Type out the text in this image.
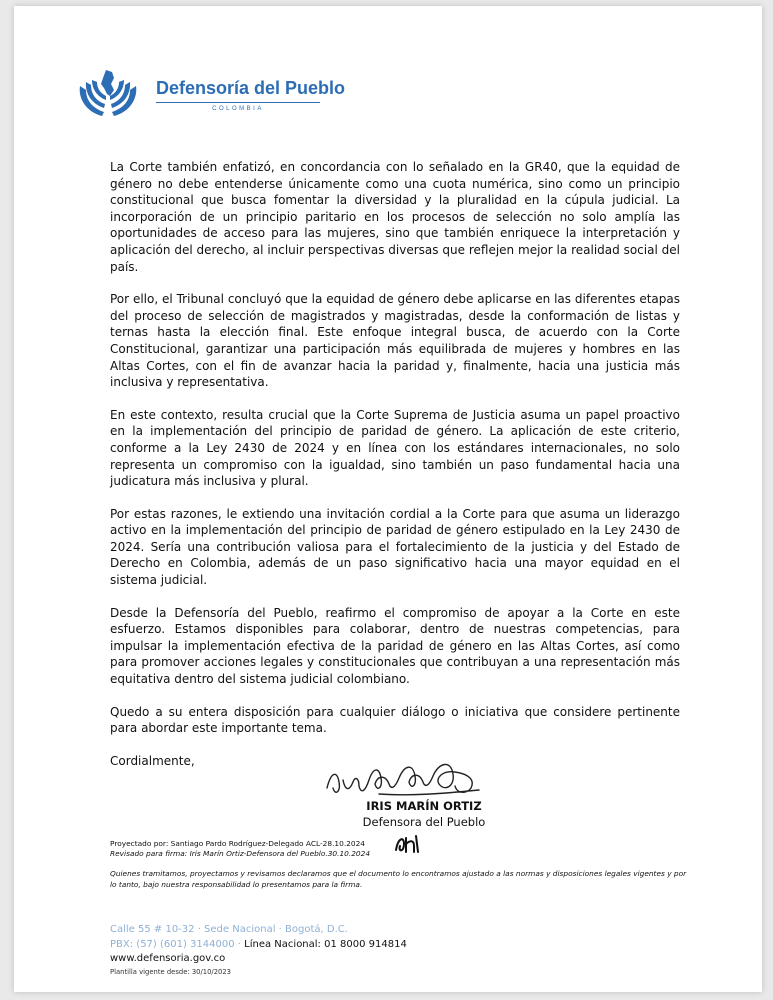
Defensoría del Pueblo
COLOMBIA

La Corte también enfatizó, en concordancia con lo señalado en la GR40, que la equidad de género no debe entenderse únicamente como una cuota numérica, sino como un principio constitucional que busca fomentar la diversidad y la pluralidad en la cúpula judicial. La incorporación de un principio paritario en los procesos de selección no solo amplía las oportunidades de acceso para las mujeres, sino que también enriquece la interpretación y aplicación del derecho, al incluir perspectivas diversas que reflejen mejor la realidad social del país.

Por ello, el Tribunal concluyó que la equidad de género debe aplicarse en las diferentes etapas del proceso de selección de magistrados y magistradas, desde la conformación de listas y ternas hasta la elección final. Este enfoque integral busca, de acuerdo con la Corte Constitucional, garantizar una participación más equilibrada de mujeres y hombres en las Altas Cortes, con el fin de avanzar hacia la paridad y, finalmente, hacia una justicia más inclusiva y representativa.

En este contexto, resulta crucial que la Corte Suprema de Justicia asuma un papel proactivo en la implementación del principio de paridad de género. La aplicación de este criterio, conforme a la Ley 2430 de 2024 y en línea con los estándares internacionales, no solo representa un compromiso con la igualdad, sino también un paso fundamental hacia una judicatura más inclusiva y plural.

Por estas razones, le extiendo una invitación cordial a la Corte para que asuma un liderazgo activo en la implementación del principio de paridad de género estipulado en la Ley 2430 de 2024. Sería una contribución valiosa para el fortalecimiento de la justicia y del Estado de Derecho en Colombia, además de un paso significativo hacia una mayor equidad en el sistema judicial.

Desde la Defensoría del Pueblo, reafirmo el compromiso de apoyar a la Corte en este esfuerzo. Estamos disponibles para colaborar, dentro de nuestras competencias, para impulsar la implementación efectiva de la paridad de género en las Altas Cortes, así como para promover acciones legales y constitucionales que contribuyan a una representación más equitativa dentro del sistema judicial colombiano.

Quedo a su entera disposición para cualquier diálogo o iniciativa que considere pertinente para abordar este importante tema.

Cordialmente,

IRIS MARÍN ORTIZ
Defensora del Pueblo
Proyectado por: Santiago Pardo Rodríguez-Delegado ACL-28.10.2024
Revisado para firma: Iris Marín Ortiz-Defensora del Pueblo.30.10.2024
Quienes tramitamos, proyectamos y revisamos declaramos que el documento lo encontramos ajustado a las normas y disposiciones legales vigentes y por lo tanto, bajo nuestra responsabilidad lo presentamos para la firma.
Calle 55 # 10-32 · Sede Nacional · Bogotá, D.C.
PBX: (57) (601) 3144000 · Línea Nacional: 01 8000 914814
www.defensoria.gov.co
Plantilla vigente desde: 30/10/2023
